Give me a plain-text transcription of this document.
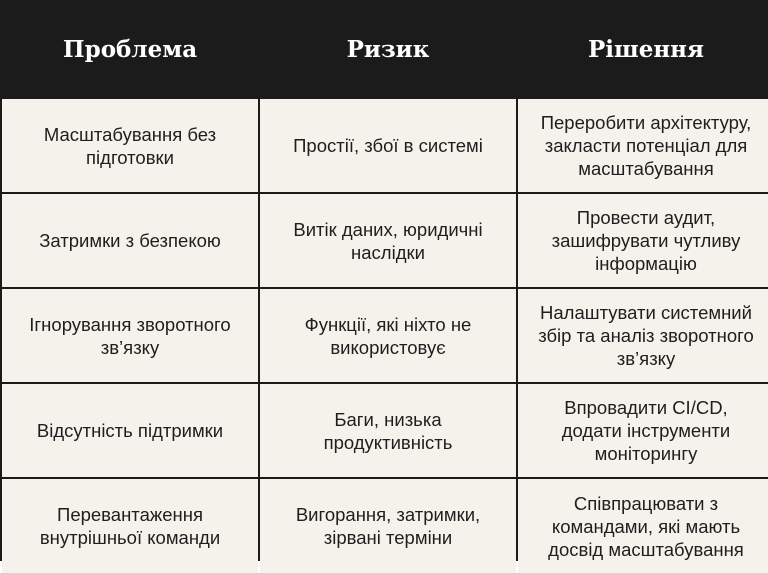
Проблема	Ризик	Рішення
Масштабування без підготовки
Простії, збої в системі
Переробити архітектуру, закласти потенціал для масштабування
Затримки з безпекою
Витік даних, юридичні наслідки
Провести аудит, зашифрувати чутливу інформацію
Ігнорування зворотного зв’язку
Функції, які ніхто не використовує
Налаштувати системний збір та аналіз зворотного зв’язку
Відсутність підтримки
Баги, низька продуктивність
Впровадити CI/CD, додати інструменти моніторингу
Перевантаження внутрішньої команди
Вигорання, затримки, зірвані терміни
Співпрацювати з командами, які мають досвід масштабування
